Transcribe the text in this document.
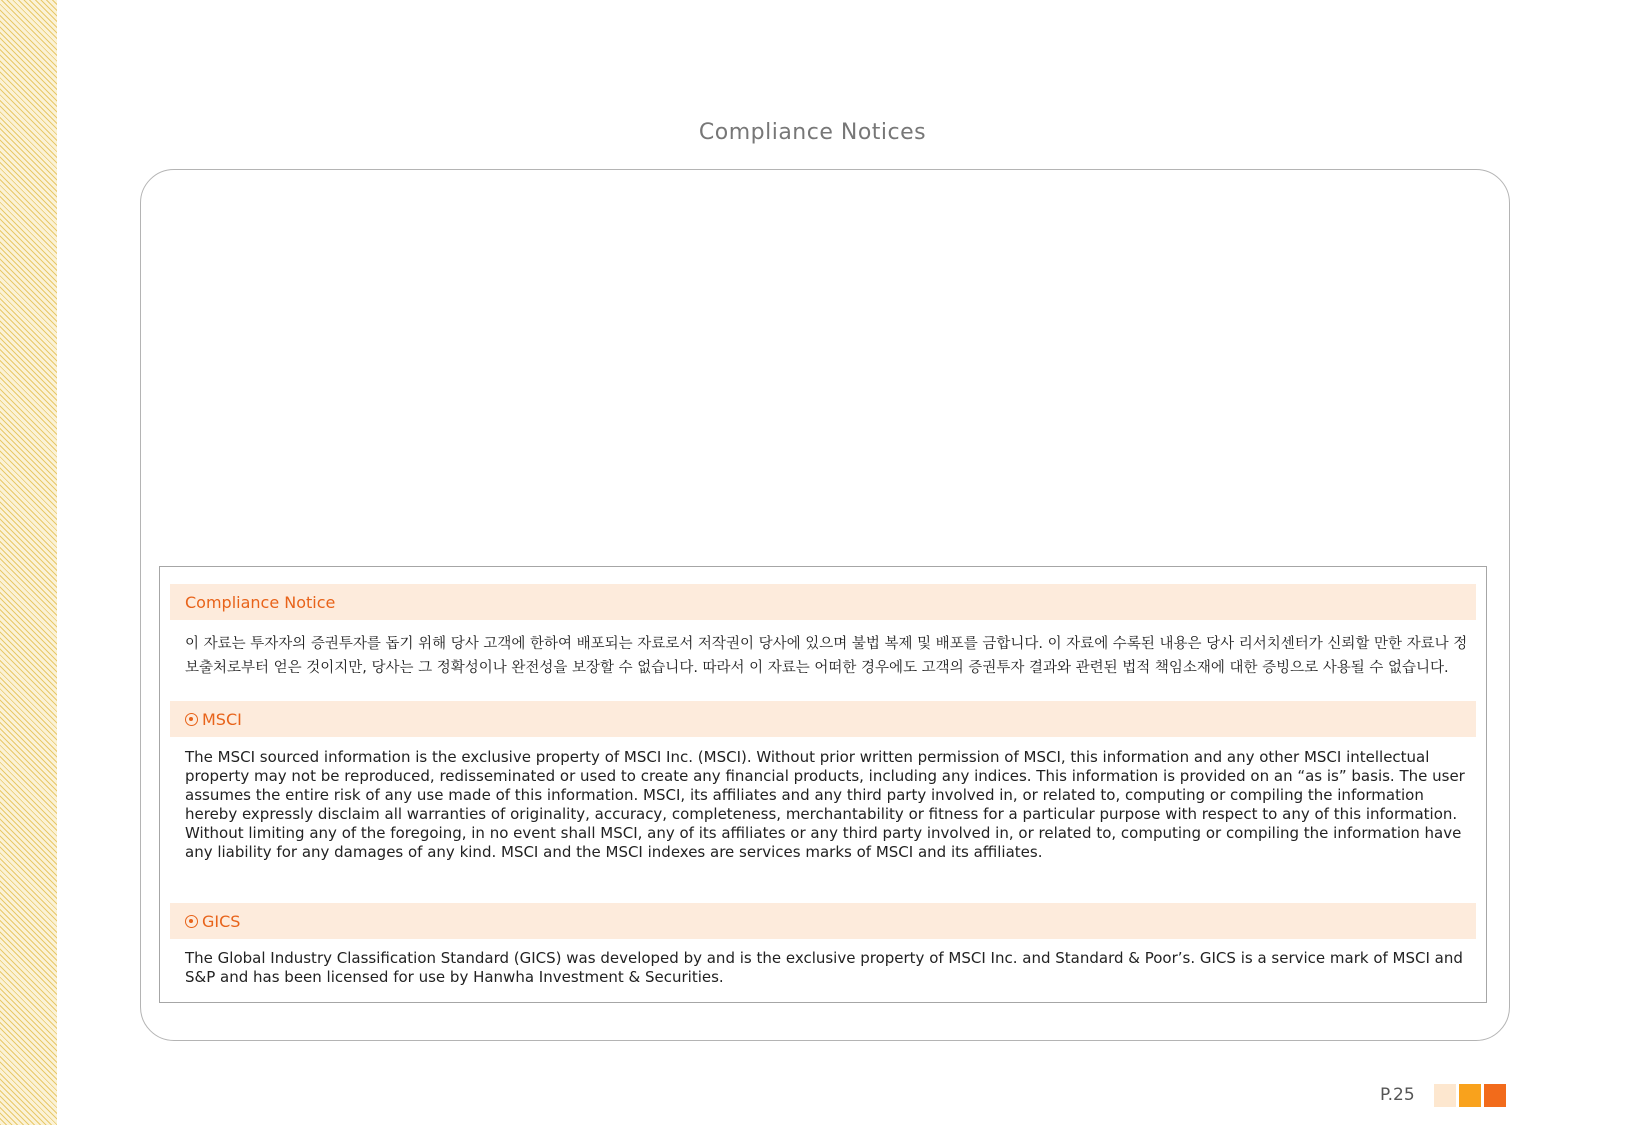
Compliance Notices
Compliance Notice
이 자료는 투자자의 증권투자를 돕기 위해 당사 고객에 한하여 배포되는 자료로서 저작권이 당사에 있으며 불법 복제 및 배포를 금합니다. 이 자료에 수록된 내용은 당사 리서치센터가 신뢰할 만한 자료나 정보출처로부터 얻은 것이지만, 당사는 그 정확성이나 완전성을 보장할 수 없습니다. 따라서 이 자료는 어떠한 경우에도 고객의 증권투자 결과와 관련된 법적 책임소재에 대한 증빙으로 사용될 수 없습니다.
MSCI
The MSCI sourced information is the exclusive property of MSCI Inc. (MSCI). Without prior written permission of MSCI, this information and any other MSCI intellectual property may not be reproduced, redisseminated or used to create any financial products, including any indices. This information is provided on an “as is” basis. The user assumes the entire risk of any use made of this information. MSCI, its affiliates and any third party involved in, or related to, computing or compiling the information hereby expressly disclaim all warranties of originality, accuracy, completeness, merchantability or fitness for a particular purpose with respect to any of this information. Without limiting any of the foregoing, in no event shall MSCI, any of its affiliates or any third party involved in, or related to, computing or compiling the information have any liability for any damages of any kind. MSCI and the MSCI indexes are services marks of MSCI and its affiliates.
GICS
The Global Industry Classification Standard (GICS) was developed by and is the exclusive property of MSCI Inc. and Standard & Poor’s. GICS is a service mark of MSCI and S&P and has been licensed for use by Hanwha Investment & Securities.
P.25
